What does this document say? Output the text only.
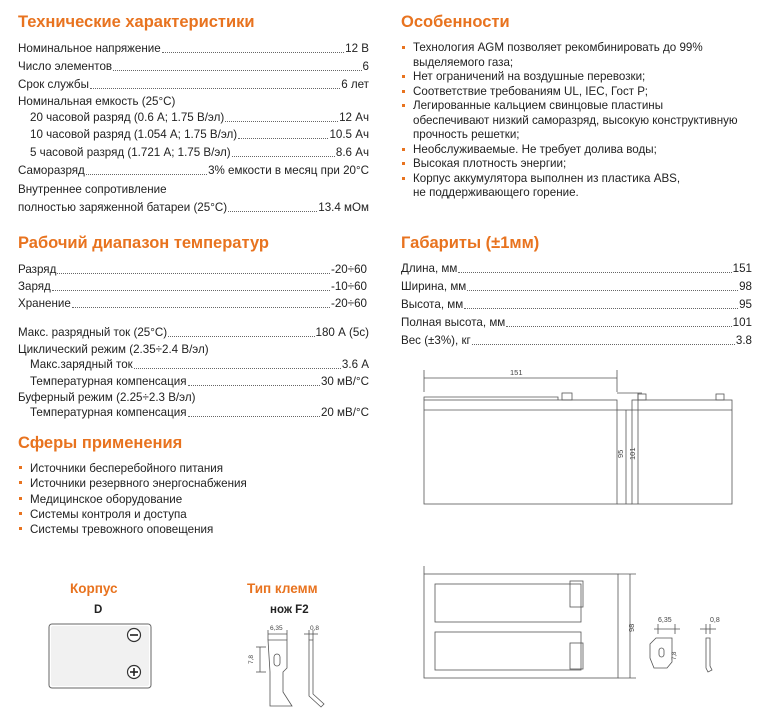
Технические характеристики
Номинальное напряжение	12 В
Число элементов	6
Срок службы	6 лет
Номинальная емкость (25°C)
20 часовой разряд (0.6 А; 1.75 В/эл)	12 Ач
10 часовой разряд (1.054 А; 1.75 В/эл)	10.5 Ач
5 часовой разряд (1.721 А; 1.75 В/эл)	8.6 Ач
Саморазряд	3% емкости в месяц при 20°C
Внутреннее сопротивление
полностью заряженной батареи (25°C)	13.4 мОм
Рабочий диапазон температур
Разряд	-20÷60
Заряд	-10÷60
Хранение	-20÷60
Макс. разрядный ток (25°C)	180 А (5с)
Циклический режим (2.35÷2.4 В/эл)
Макс.зарядный ток	3.6 А
Температурная компенсация	30 мВ/°C
Буферный режим (2.25÷2.3 В/эл)
Температурная компенсация	20 мВ/°C
Сферы применения
Источники бесперебойного питания
Источники резервного энергоснабжения
Медицинское оборудование
Системы контроля и доступа
Системы тревожного оповещения
Корпус
D
Тип клемм
нож F2
6,35	0,8
7,8
Особенности
Технология AGM позволяет рекомбинировать до 99%
выделяемого газа;
Нет ограничений на воздушные перевозки;
Соответствие требованиям UL, IEC, Гост Р;
Легированные кальцием свинцовые пластины
обеспечивают низкий саморазряд, высокую конструктивную
прочность решетки;
Необслуживаемые. Не требует долива воды;
Высокая плотность энергии;
Корпус аккумулятора выполнен из пластика ABS,
не поддерживающего горение.
Габариты (±1мм)
Длина, мм	151
Ширина, мм	98
Высота, мм	95
Полная высота, мм	101
Вес (±3%), кг	3.8
151
95 101
98
6,35	0,8
7,8
